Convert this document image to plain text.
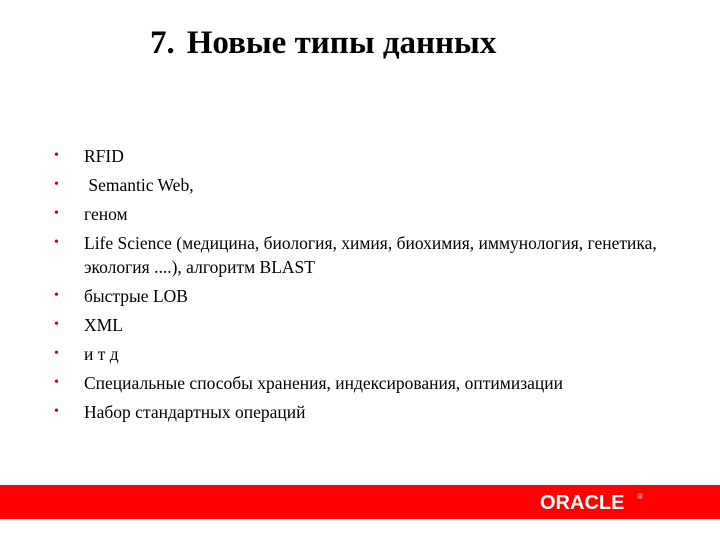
7. Новые типы данных
• RFID
• Semantic Web,
• геном
• Life Science (медицина, биология, химия, биохимия, иммунология, генетика, экология ....), алгоритм BLAST
• быстрые LOB
• XML
• и т д
• Специальные способы хранения, индексирования, оптимизации
• Набор стандартных операций
ORACLE ®
